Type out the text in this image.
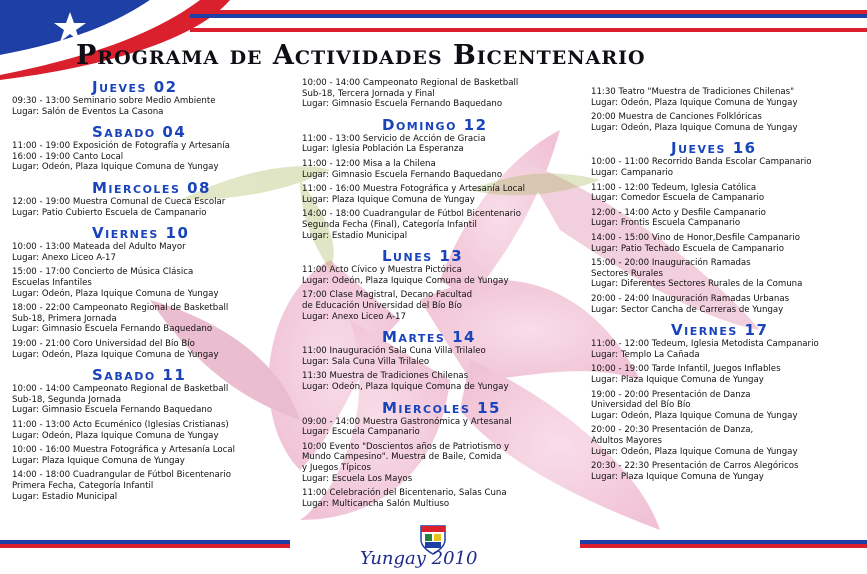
Programa de Actividades Bicentenario
Jueves 02
09:30 - 13:00 Seminario sobre Medio Ambiente
Lugar: Salón de Eventos La Casona
Sabado 04
11:00 - 19:00 Exposición de Fotografía y Artesanía
16:00 - 19:00 Canto Local
Lugar: Odeón, Plaza Iquique Comuna de Yungay
Miercoles 08
12:00 - 19:00 Muestra Comunal de Cueca Escolar
Lugar: Patio Cubierto Escuela de Campanario
Viernes 10
10:00 - 13:00 Mateada del Adulto Mayor
Lugar: Anexo Liceo A-17
15:00 - 17:00 Concierto de Música Clásica
Escuelas Infantiles
Lugar: Odeón, Plaza Iquique Comuna de Yungay
18:00 - 22:00 Campeonato Regional de Basketball
Sub-18, Primera Jornada
Lugar: Gimnasio Escuela Fernando Baquedano
19:00 - 21:00 Coro Universidad del Bío Bío
Lugar: Odeón, Plaza Iquique Comuna de Yungay
Sabado 11
10:00 - 14:00 Campeonato Regional de Basketball
Sub-18, Segunda Jornada
Lugar: Gimnasio Escuela Fernando Baquedano
11:00 - 13:00 Acto Ecuménico (Iglesias Cristianas)
Lugar: Odeón, Plaza Iquique Comuna de Yungay
10:00 - 16:00 Muestra Fotográfica y Artesanía Local
Lugar: Plaza Iquique Comuna de Yungay
14:00 - 18:00 Cuadrangular de Fútbol Bicentenario
Primera Fecha, Categoría Infantil
Lugar: Estadio Municipal
10:00 - 14:00 Campeonato Regional de Basketball
Sub-18, Tercera Jornada y Final
Lugar: Gimnasio Escuela Fernando Baquedano
Domingo 12
11:00 - 13:00 Servicio de Acción de Gracia
Lugar: Iglesia Población La Esperanza
11:00 - 12:00 Misa a la Chilena
Lugar: Gimnasio Escuela Fernando Baquedano
11:00 - 16:00 Muestra Fotográfica y Artesanía Local
Lugar: Plaza Iquique Comuna de Yungay
14:00 - 18:00 Cuadrangular de Fútbol Bicentenario
Segunda Fecha (Final), Categoría Infantil
Lugar: Estadio Municipal
Lunes 13
11:00 Acto Cívico y Muestra Pictórica
Lugar: Odeón, Plaza Iquique Comuna de Yungay
17:00 Clase Magistral, Decano Facultad
de Educación Universidad del Bío Bío
Lugar: Anexo Liceo A-17
Martes 14
11:00 Inauguración Sala Cuna Villa Trilaleo
Lugar: Sala Cuna Villa Trilaleo
11:30 Muestra de Tradiciones Chilenas
Lugar: Odeón, Plaza Iquique Comuna de Yungay
Miercoles 15
09:00 - 14:00 Muestra Gastronómica y Artesanal
Lugar: Escuela Campanario
10:00 Evento "Doscientos años de Patriotismo y
Mundo Campesino". Muestra de Baile, Comida
y Juegos Típicos
Lugar: Escuela Los Mayos
11:00 Celebración del Bicentenario, Salas Cuna
Lugar: Multicancha Salón Multiuso
11:30 Teatro "Muestra de Tradiciones Chilenas"
Lugar: Odeón, Plaza Iquique Comuna de Yungay
20:00 Muestra de Canciones Folklóricas
Lugar: Odeón, Plaza Iquique Comuna de Yungay
Jueves 16
10:00 - 11:00 Recorrido Banda Escolar Campanario
Lugar: Campanario
11:00 - 12:00 Tedeum, Iglesia Católica
Lugar: Comedor Escuela de Campanario
12:00 - 14:00 Acto y Desfile Campanario
Lugar: Frontis Escuela Campanario
14:00 - 15:00 Vino de Honor,Desfile Campanario
Lugar: Patio Techado Escuela de Campanario
15:00 - 20:00 Inauguración Ramadas
Sectores Rurales
Lugar: Diferentes Sectores Rurales de la Comuna
20:00 - 24:00 Inauguración Ramadas Urbanas
Lugar: Sector Cancha de Carreras de Yungay
Viernes 17
11:00 - 12:00 Tedeum, Iglesia Metodista Campanario
Lugar: Templo La Cañada
10:00 - 19:00 Tarde Infantil, Juegos Inflables
Lugar: Plaza Iquique Comuna de Yungay
19:00 - 20:00 Presentación de Danza
Universidad del Bío Bío
Lugar: Odeón, Plaza Iquique Comuna de Yungay
20:00 - 20:30 Presentación de Danza,
Adultos Mayores
Lugar: Odeón, Plaza Iquique Comuna de Yungay
20:30 - 22:30 Presentación de Carros Alegóricos
Lugar: Plaza Iquique Comuna de Yungay
Yungay 2010
